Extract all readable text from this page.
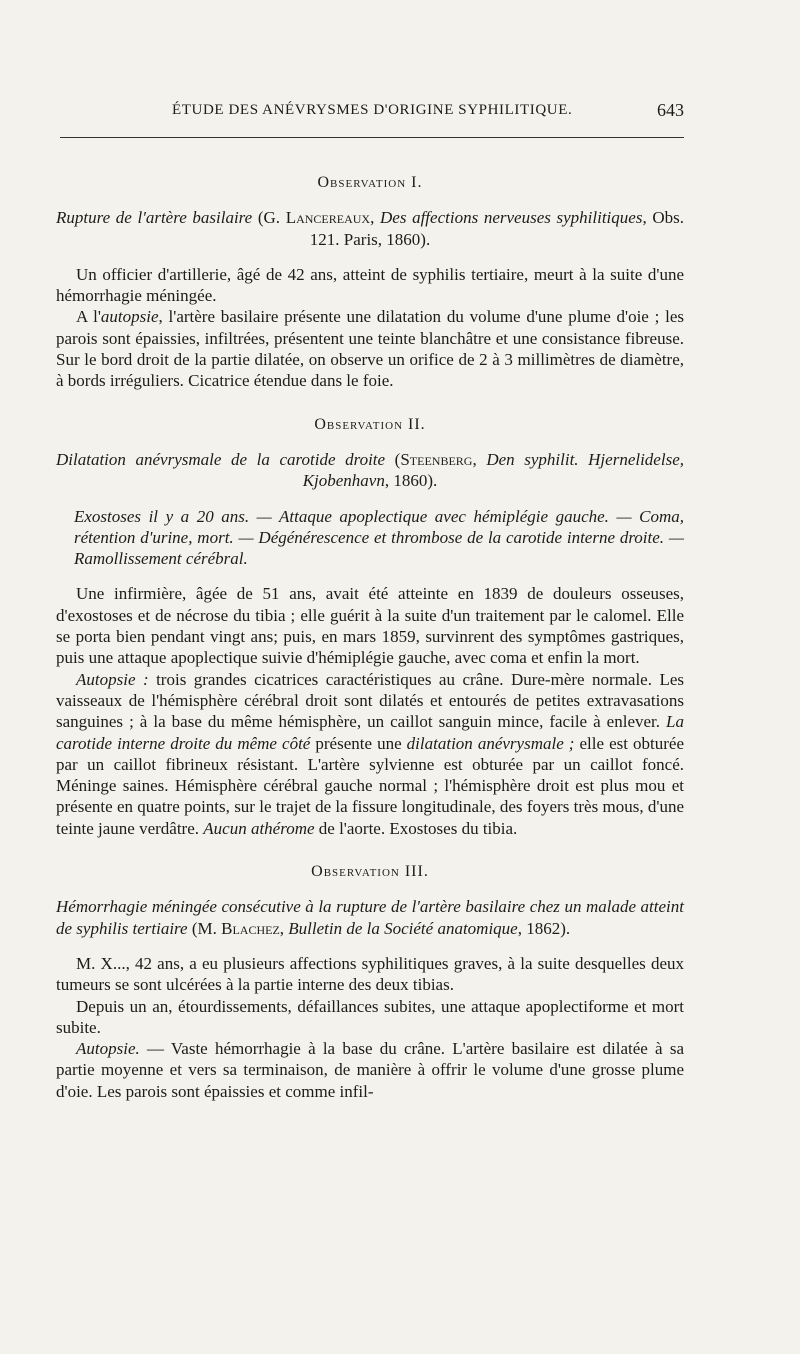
ÉTUDE DES ANÉVRYSMES D'ORIGINE SYPHILITIQUE.	643
Observation I.
Rupture de l'artère basilaire (G. Lancereaux, Des affections nerveuses syphilitiques, Obs. 121. Paris, 1860).

Un officier d'artillerie, âgé de 42 ans, atteint de syphilis tertiaire, meurt à la suite d'une hémorrhagie méningée.

A l'autopsie, l'artère basilaire présente une dilatation du volume d'une plume d'oie ; les parois sont épaissies, infiltrées, présentent une teinte blanchâtre et une consistance fibreuse. Sur le bord droit de la partie dilatée, on observe un orifice de 2 à 3 millimètres de diamètre, à bords irréguliers. Cicatrice étendue dans le foie.

Observation II.
Dilatation anévrysmale de la carotide droite (Steenberg, Den syphilit. Hjernelidelse, Kjobenhavn, 1860).
Exostoses il y a 20 ans. — Attaque apoplectique avec hémiplégie gauche. — Coma, rétention d'urine, mort. — Dégénérescence et thrombose de la carotide interne droite. — Ramollissement cérébral.

Une infirmière, âgée de 51 ans, avait été atteinte en 1839 de douleurs osseuses, d'exostoses et de nécrose du tibia ; elle guérit à la suite d'un traitement par le calomel. Elle se porta bien pendant vingt ans; puis, en mars 1859, survinrent des symptômes gastriques, puis une attaque apoplectique suivie d'hémiplégie gauche, avec coma et enfin la mort.

Autopsie : trois grandes cicatrices caractéristiques au crâne. Dure-mère normale. Les vaisseaux de l'hémisphère cérébral droit sont dilatés et entourés de petites extravasations sanguines ; à la base du même hémisphère, un caillot sanguin mince, facile à enlever. La carotide interne droite du même côté présente une dilatation anévrysmale ; elle est obturée par un caillot fibrineux résistant. L'artère sylvienne est obturée par un caillot foncé. Méninge saines. Hémisphère cérébral gauche normal ; l'hémisphère droit est plus mou et présente en quatre points, sur le trajet de la fissure longitudinale, des foyers très mous, d'une teinte jaune verdâtre. Aucun athérome de l'aorte. Exostoses du tibia.

Observation III.
Hémorrhagie méningée consécutive à la rupture de l'artère basilaire chez un malade atteint de syphilis tertiaire (M. Blachez, Bulletin de la Société anatomique, 1862).

M. X..., 42 ans, a eu plusieurs affections syphilitiques graves, à la suite desquelles deux tumeurs se sont ulcérées à la partie interne des deux tibias.

Depuis un an, étourdissements, défaillances subites, une attaque apoplectiforme et mort subite.

Autopsie. — Vaste hémorrhagie à la base du crâne. L'artère basilaire est dilatée à sa partie moyenne et vers sa terminaison, de manière à offrir le volume d'une grosse plume d'oie. Les parois sont épaissies et comme infil-
